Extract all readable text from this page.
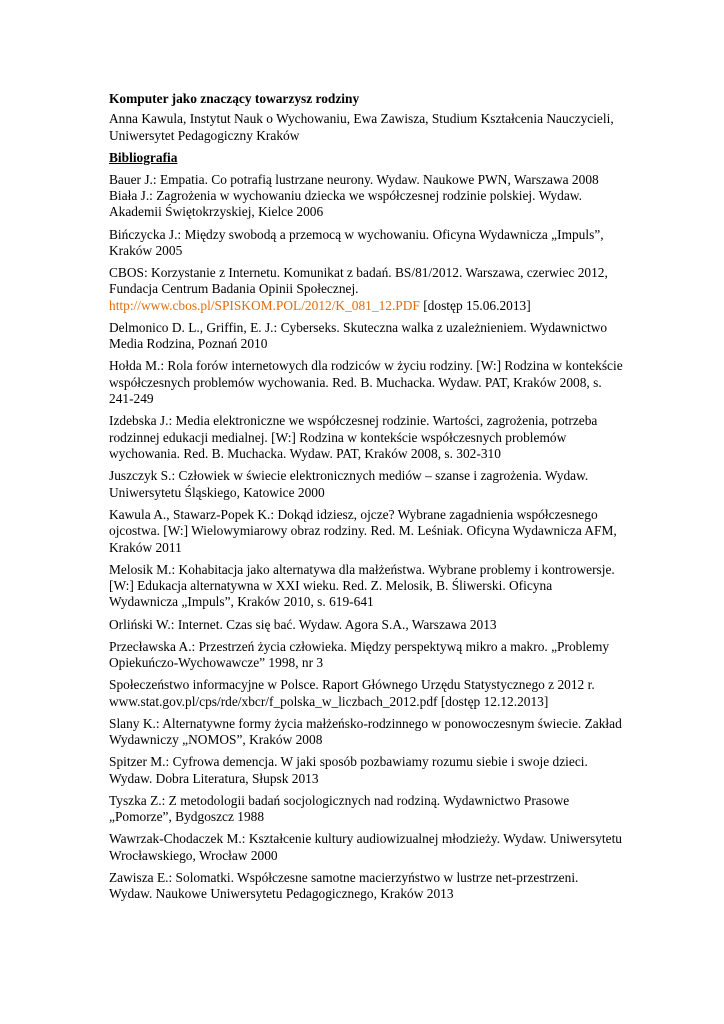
Komputer jako znaczący towarzysz rodziny
Anna Kawula, Instytut Nauk o Wychowaniu, Ewa Zawisza, Studium Kształcenia Nauczycieli, Uniwersytet Pedagogiczny Kraków
Bibliografia
Bauer J.: Empatia. Co potrafią lustrzane neurony. Wydaw. Naukowe PWN, Warszawa 2008
Biała J.: Zagrożenia w wychowaniu dziecka we współczesnej rodzinie polskiej. Wydaw. Akademii Świętokrzyskiej, Kielce 2006
Bińczycka J.: Między swobodą a przemocą w wychowaniu. Oficyna Wydawnicza „Impuls”, Kraków 2005
CBOS: Korzystanie z Internetu. Komunikat z badań. BS/81/2012. Warszawa, czerwiec 2012, Fundacja Centrum Badania Opinii Społecznej. http://www.cbos.pl/SPISKOM.POL/2012/K_081_12.PDF [dostęp 15.06.2013]
Delmonico D. L., Griffin, E. J.: Cyberseks. Skuteczna walka z uzależnieniem. Wydawnictwo Media Rodzina, Poznań 2010
Hołda M.: Rola forów internetowych dla rodziców w życiu rodziny. [W:] Rodzina w kontekście współczesnych problemów wychowania. Red. B. Muchacka. Wydaw. PAT, Kraków 2008, s. 241-249
Izdebska J.: Media elektroniczne we współczesnej rodzinie. Wartości, zagrożenia, potrzeba rodzinnej edukacji medialnej. [W:] Rodzina w kontekście współczesnych problemów wychowania. Red. B. Muchacka. Wydaw. PAT, Kraków 2008, s. 302-310
Juszczyk S.: Człowiek w świecie elektronicznych mediów – szanse i zagrożenia. Wydaw. Uniwersytetu Śląskiego, Katowice 2000
Kawula A., Stawarz-Popek K.: Dokąd idziesz, ojcze? Wybrane zagadnienia współczesnego ojcostwa. [W:] Wielowymiarowy obraz rodziny. Red. M. Leśniak. Oficyna Wydawnicza AFM, Kraków 2011
Melosik M.: Kohabitacja jako alternatywa dla małżeństwa. Wybrane problemy i kontrowersje. [W:] Edukacja alternatywna w XXI wieku. Red. Z. Melosik, B. Śliwerski. Oficyna Wydawnicza „Impuls”, Kraków 2010, s. 619-641
Orliński W.: Internet. Czas się bać. Wydaw. Agora S.A., Warszawa 2013
Przecławska A.: Przestrzeń życia człowieka. Między perspektywą mikro a makro. „Problemy Opiekuńczo-Wychowawcze” 1998, nr 3
Społeczeństwo informacyjne w Polsce. Raport Głównego Urzędu Statystycznego z 2012 r. www.stat.gov.pl/cps/rde/xbcr/f_polska_w_liczbach_2012.pdf [dostęp 12.12.2013]
Slany K.: Alternatywne formy życia małżeńsko-rodzinnego w ponowoczesnym świecie. Zakład Wydawniczy „NOMOS”, Kraków 2008
Spitzer M.: Cyfrowa demencja. W jaki sposób pozbawiamy rozumu siebie i swoje dzieci. Wydaw. Dobra Literatura, Słupsk 2013
Tyszka Z.: Z metodologii badań socjologicznych nad rodziną. Wydawnictwo Prasowe „Pomorze”, Bydgoszcz 1988
Wawrzak-Chodaczek M.: Kształcenie kultury audiowizualnej młodzieży. Wydaw. Uniwersytetu Wrocławskiego, Wrocław 2000
Zawisza E.: Solomatki. Współczesne samotne macierzyństwo w lustrze net-przestrzeni. Wydaw. Naukowe Uniwersytetu Pedagogicznego, Kraków 2013
